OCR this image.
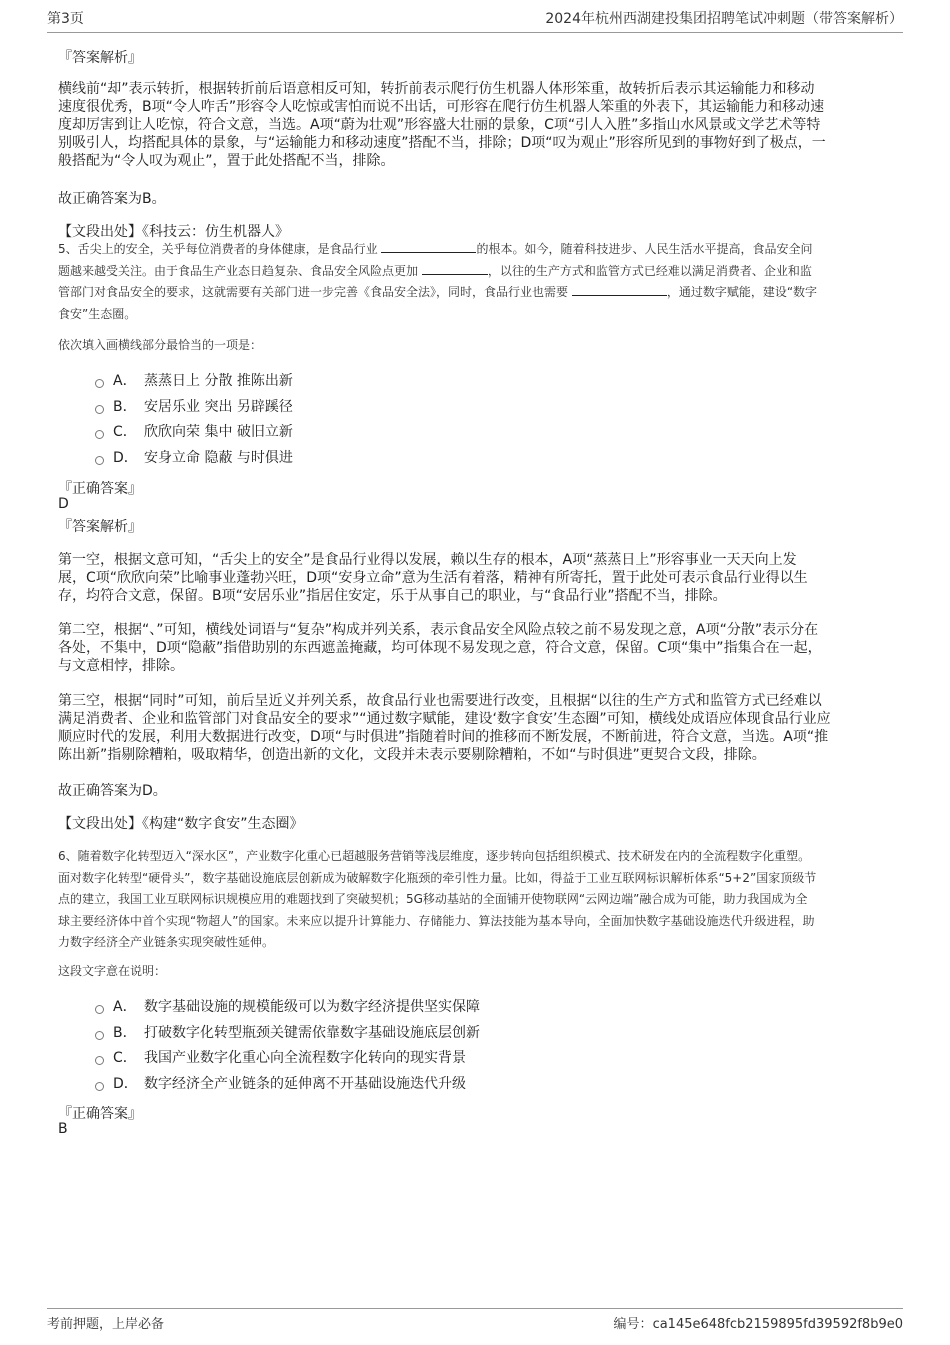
第3页	2024年杭州西湖建投集团招聘笔试冲刺题（带答案解析）
『答案解析』
横线前“却”表示转折，根据转折前后语意相反可知，转折前表示爬行仿生机器人体形笨重，故转折后表示其运输能力和移动
速度很优秀，B项“令人咋舌”形容令人吃惊或害怕而说不出话，可形容在爬行仿生机器人笨重的外表下，其运输能力和移动速
度却厉害到让人吃惊，符合文意，当选。A项“蔚为壮观”形容盛大壮丽的景象，C项“引人入胜”多指山水风景或文学艺术等特
别吸引人，均搭配具体的景象，与“运输能力和移动速度”搭配不当，排除；D项“叹为观止”形容所见到的事物好到了极点，一
般搭配为“令人叹为观止”，置于此处搭配不当，排除。
故正确答案为B。
【文段出处】《科技云：仿生机器人》
5、舌尖上的安全，关乎每位消费者的身体健康，是食品行业	的根本。如今，随着科技进步、人民生活水平提高，食品安全问
题越来越受关注。由于食品生产业态日趋复杂、食品安全风险点更加	，以往的生产方式和监管方式已经难以满足消费者、企业和监
管部门对食品安全的要求，这就需要有关部门进一步完善《食品安全法》，同时，食品行业也需要	，通过数字赋能，建设“数字
食安”生态圈。
依次填入画横线部分最恰当的一项是：
A． 蒸蒸日上 分散 推陈出新
B． 安居乐业 突出 另辟蹊径
C． 欣欣向荣 集中 破旧立新
D． 安身立命 隐蔽 与时俱进
『正确答案』
D
『答案解析』
第一空，根据文意可知，“舌尖上的安全”是食品行业得以发展，赖以生存的根本，A项“蒸蒸日上”形容事业一天天向上发
展，C项“欣欣向荣”比喻事业蓬勃兴旺，D项“安身立命”意为生活有着落，精神有所寄托，置于此处可表示食品行业得以生
存，均符合文意，保留。B项“安居乐业”指居住安定，乐于从事自己的职业，与“食品行业”搭配不当，排除。
第二空，根据“、”可知，横线处词语与“复杂”构成并列关系，表示食品安全风险点较之前不易发现之意，A项“分散”表示分在
各处，不集中，D项“隐蔽”指借助别的东西遮盖掩藏，均可体现不易发现之意，符合文意，保留。C项“集中”指集合在一起，
与文意相悖，排除。
第三空，根据“同时”可知，前后呈近义并列关系，故食品行业也需要进行改变，且根据“以往的生产方式和监管方式已经难以
满足消费者、企业和监管部门对食品安全的要求”“通过数字赋能，建设‘数字食安’生态圈”可知，横线处成语应体现食品行业应
顺应时代的发展，利用大数据进行改变，D项“与时俱进”指随着时间的推移而不断发展，不断前进，符合文意，当选。A项“推
陈出新”指剔除糟粕，吸取精华，创造出新的文化，文段并未表示要剔除糟粕，不如“与时俱进”更契合文段，排除。
故正确答案为D。
【文段出处】《构建“数字食安”生态圈》
6、随着数字化转型迈入“深水区”，产业数字化重心已超越服务营销等浅层维度，逐步转向包括组织模式、技术研发在内的全流程数字化重塑。
面对数字化转型“硬骨头”，数字基础设施底层创新成为破解数字化瓶颈的牵引性力量。比如，得益于工业互联网标识解析体系“5+2”国家顶级节
点的建立，我国工业互联网标识规模应用的难题找到了突破契机；5G移动基站的全面铺开使物联网“云网边端”融合成为可能，助力我国成为全
球主要经济体中首个实现“物超人”的国家。未来应以提升计算能力、存储能力、算法技能为基本导向，全面加快数字基础设施迭代升级进程，助
力数字经济全产业链条实现突破性延伸。
这段文字意在说明：
A． 数字基础设施的规模能级可以为数字经济提供坚实保障
B． 打破数字化转型瓶颈关键需依靠数字基础设施底层创新
C． 我国产业数字化重心向全流程数字化转向的现实背景
D． 数字经济全产业链条的延伸离不开基础设施迭代升级
『正确答案』
B
考前押题，上岸必备	编号：ca145e648fcb2159895fd39592f8b9e0
